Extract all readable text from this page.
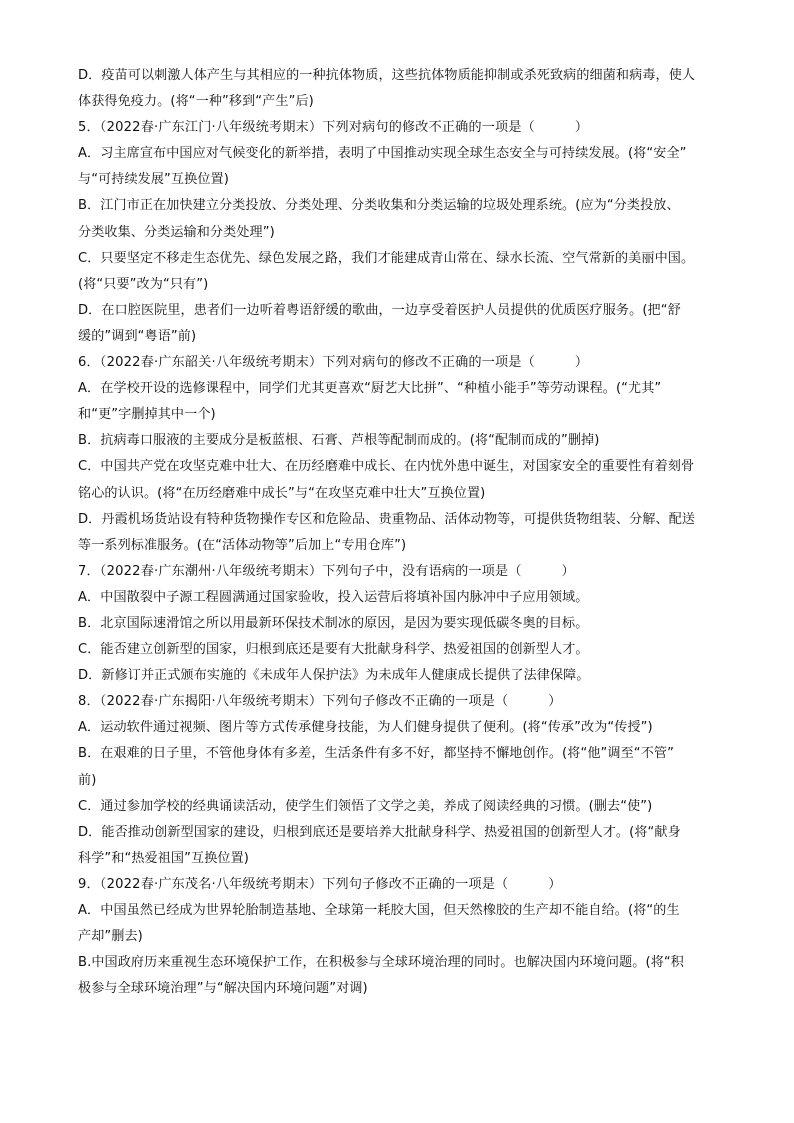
D．疫苗可以刺激人体产生与其相应的一种抗体物质，这些抗体物质能抑制或杀死致病的细菌和病毒，使人
体获得免疫力。(将“一种”移到“产生”后)
5．（2022春·广东江门·八年级统考期末）下列对病句的修改不正确的一项是（　　　）
A．习主席宣布中国应对气候变化的新举措，表明了中国推动实现全球生态安全与可持续发展。(将“安全”
与“可持续发展”互换位置)
B．江门市正在加快建立分类投放、分类处理、分类收集和分类运输的垃圾处理系统。(应为“分类投放、
分类收集、分类运输和分类处理”)
C．只要坚定不移走生态优先、绿色发展之路，我们才能建成青山常在、绿水长流、空气常新的美丽中国。
(将“只要”改为“只有”)
D．在口腔医院里，患者们一边听着粤语舒缓的歌曲，一边享受着医护人员提供的优质医疗服务。(把“舒
缓的”调到“粤语”前)
6．（2022春·广东韶关·八年级统考期末）下列对病句的修改不正确的一项是（　　　）
A．在学校开设的选修课程中，同学们尤其更喜欢“厨艺大比拼”、“种植小能手”等劳动课程。(“尤其”
和“更”字删掉其中一个)
B．抗病毒口服液的主要成分是板蓝根、石膏、芦根等配制而成的。(将“配制而成的”删掉)
C．中国共产党在攻坚克难中壮大、在历经磨难中成长、在内忧外患中诞生，对国家安全的重要性有着刻骨
铭心的认识。(将“在历经磨难中成长”与“在攻坚克难中壮大”互换位置)
D．丹霞机场货站设有特种货物操作专区和危险品、贵重物品、活体动物等，可提供货物组装、分解、配送
等一系列标准服务。(在“活体动物等”后加上“专用仓库”)
7．（2022春·广东潮州·八年级统考期末）下列句子中，没有语病的一项是（　　　）
A．中国散裂中子源工程圆满通过国家验收，投入运营后将填补国内脉冲中子应用领域。
B．北京国际速滑馆之所以用最新环保技术制冰的原因，是因为要实现低碳冬奥的目标。
C．能否建立创新型的国家，归根到底还是要有大批献身科学、热爱祖国的创新型人才。
D．新修订并正式颁布实施的《未成年人保护法》为未成年人健康成长提供了法律保障。
8．（2022春·广东揭阳·八年级统考期末）下列句子修改不正确的一项是（　　　）
A．运动软件通过视频、图片等方式传承健身技能，为人们健身提供了便利。(将“传承”改为“传授”)
B．在艰难的日子里，不管他身体有多差，生活条件有多不好，都坚持不懈地创作。(将“他”调至“不管”
前)
C．通过参加学校的经典诵读活动，使学生们领悟了文学之美，养成了阅读经典的习惯。(删去“使”)
D．能否推动创新型国家的建设，归根到底还是要培养大批献身科学、热爱祖国的创新型人才。(将“献身
科学”和“热爱祖国”互换位置)
9．（2022春·广东茂名·八年级统考期末）下列句子修改不正确的一项是（　　　）
A．中国虽然已经成为世界轮胎制造基地、全球第一耗胶大国，但天然橡胶的生产却不能自给。(将“的生
产却”删去)
B.中国政府历来重视生态环境保护工作，在积极参与全球环境治理的同时。也解决国内环境问题。(将“积
极参与全球环境治理”与“解决国内环境问题”对调)
